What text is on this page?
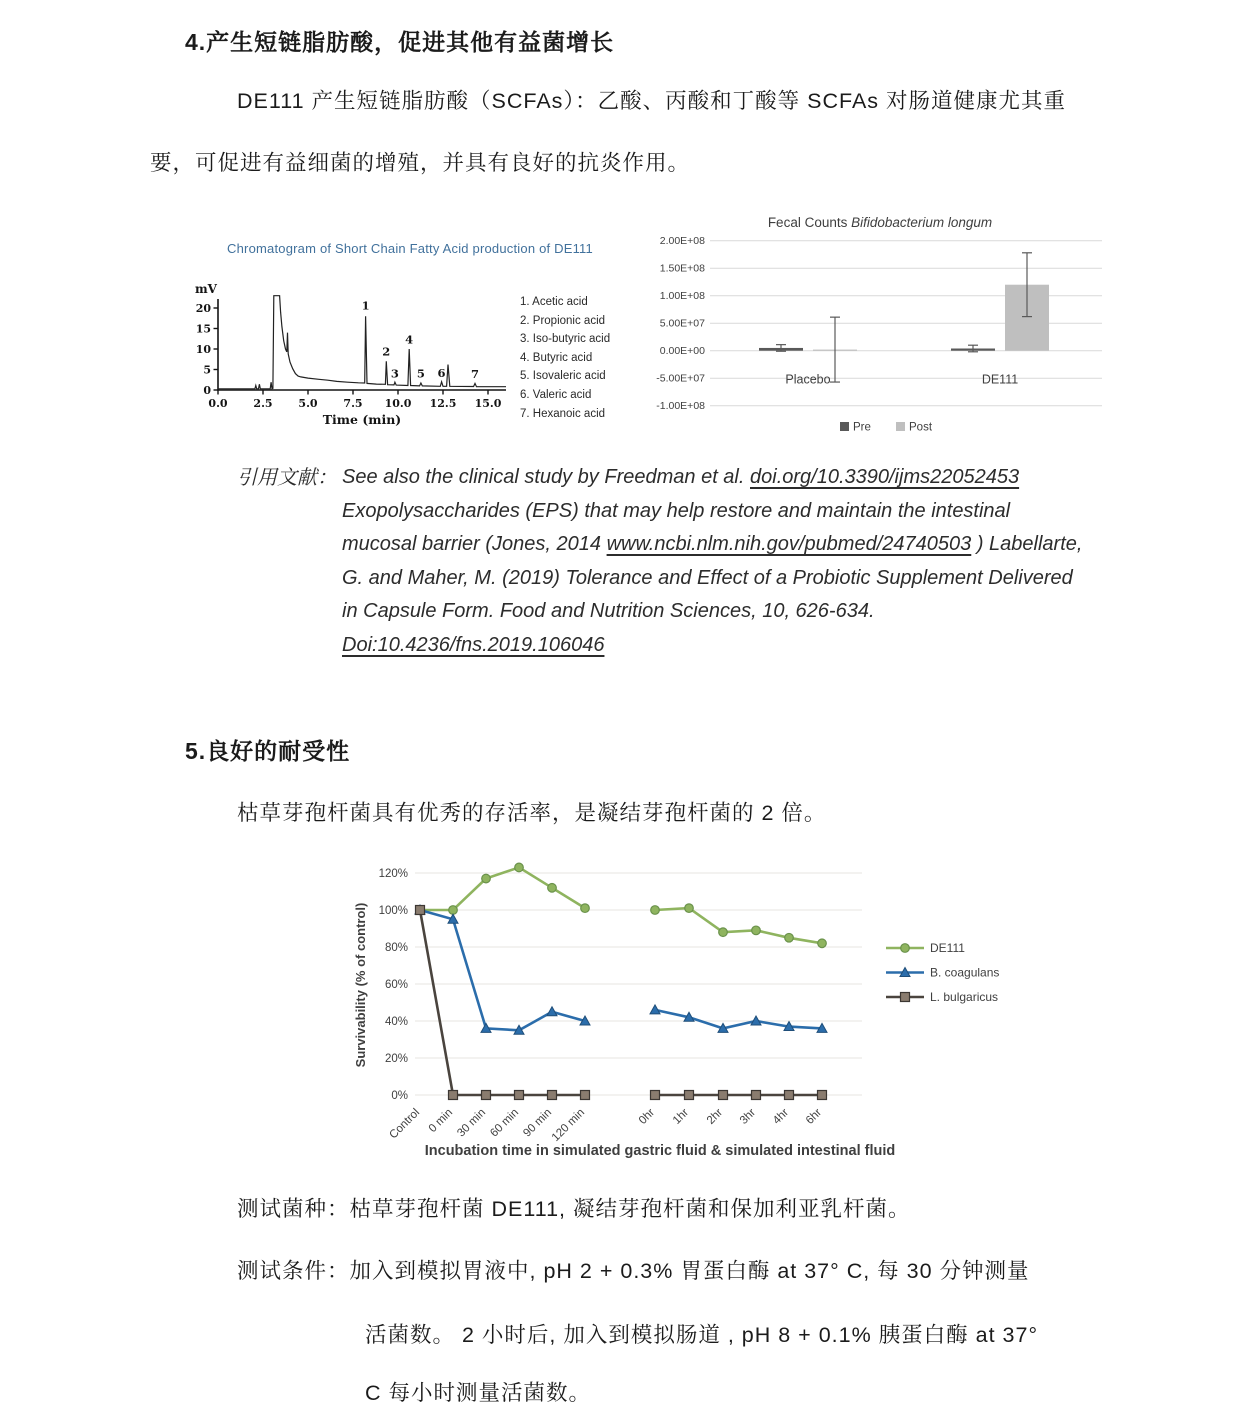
4.产生短链脂肪酸，促进其他有益菌增长
DE111 产生短链脂肪酸（SCFAs）：乙酸、丙酸和丁酸等 SCFAs 对肠道健康尤其重
要，可促进有益细菌的增殖，并具有良好的抗炎作用。
Chromatogram of Short Chain Fatty Acid production of DE111
0
5
10
15
20
0.0 2.5 5.0 7.5 10.0 12.5 15.0
mV
Time (min)
1
2
3
4
5 6 7
1. Acetic acid
2. Propionic acid
3. Iso-butyric acid
4. Butyric acid
5. Isovaleric acid
6. Valeric acid
7. Hexanoic acid
Fecal Counts Bifidobacterium longum
2.00E+08
1.50E+08
1.00E+08
5.00E+07
0.00E+00
-5.00E+07
-1.00E+08
Placebo	DE111
Pre	Post
引用文献： See also the clinical study by Freedman et al. doi.org/10.3390/ijms22052453
Exopolysaccharides (EPS) that may help restore and maintain the intestinal
mucosal barrier (Jones, 2014 www.ncbi.nlm.nih.gov/pubmed/24740503 ) Labellarte,
G. and Maher, M. (2019) Tolerance and Effect of a Probiotic Supplement Delivered
in Capsule Form. Food and Nutrition Sciences, 10, 626-634.
Doi:10.4236/fns.2019.106046
5.良好的耐受性
枯草芽孢杆菌具有优秀的存活率，是凝结芽孢杆菌的 2 倍。
Survivability (% of control)
0%
20%
40%
60%
80%
100%
120%
Control 0 min 30 min 60 min 90 min
120 min	0hr 1hr 2hr 3hr 4hr 6hr
DE111
B. coagulans
L. bulgaricus
Incubation time in simulated gastric fluid & simulated intestinal fluid
测试菌种：枯草芽孢杆菌 DE111, 凝结芽孢杆菌和保加利亚乳杆菌。
测试条件：加入到模拟胃液中, pH 2 + 0.3% 胃蛋白酶 at 37° C, 每 30 分钟测量
活菌数。 2 小时后, 加入到模拟肠道 , pH 8 + 0.1% 胰蛋白酶 at 37°
C 每小时测量活菌数。
